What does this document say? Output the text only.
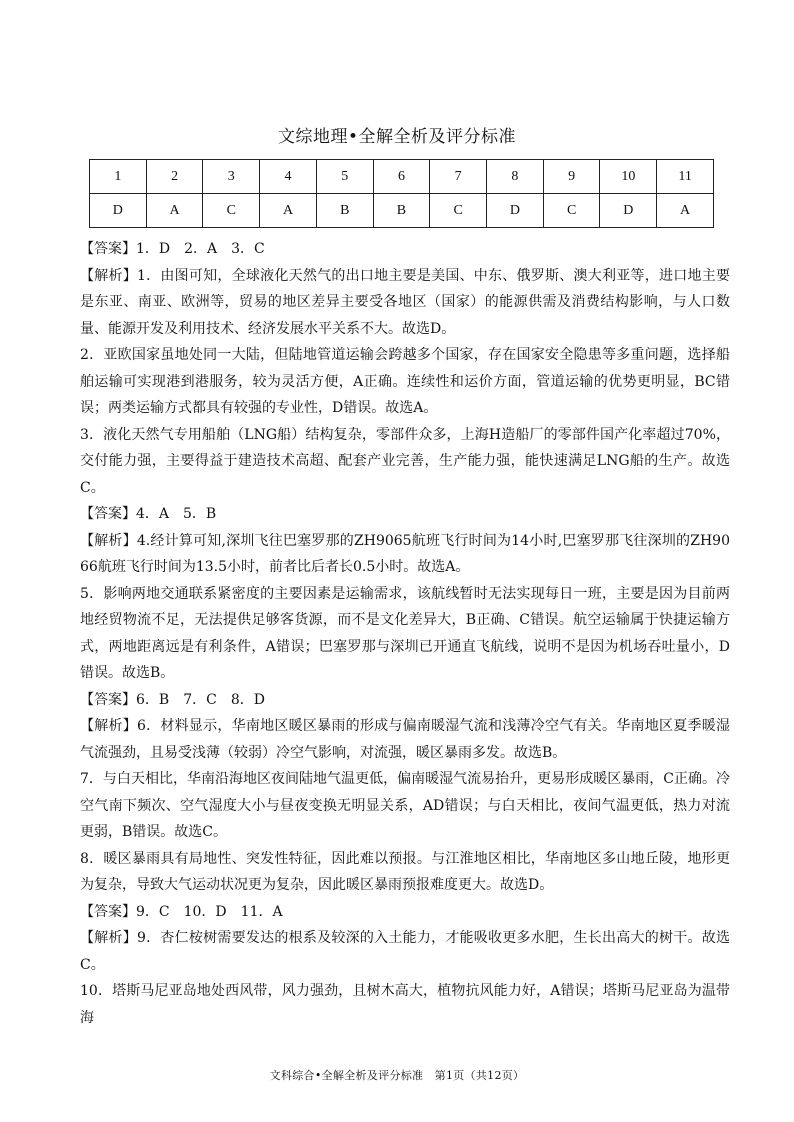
文综地理•全解全析及评分标准
1	2	3	4	5	6	7	8	9	10	11
D	A	C	A	B	B	C	D	C	D	A

【答案】1．D　2．A　3．C

【解析】1．由图可知，全球液化天然气的出口地主要是美国、中东、俄罗斯、澳大利亚等，进口地主要是东亚、南亚、欧洲等，贸易的地区差异主要受各地区（国家）的能源供需及消费结构影响，与人口数量、能源开发及利用技术、经济发展水平关系不大。故选D。

2．亚欧国家虽地处同一大陆，但陆地管道运输会跨越多个国家，存在国家安全隐患等多重问题，选择船舶运输可实现港到港服务，较为灵活方便，A正确。连续性和运价方面，管道运输的优势更明显，BC错误；两类运输方式都具有较强的专业性，D错误。故选A。

3．液化天然气专用船舶（LNG船）结构复杂，零部件众多，上海H造船厂的零部件国产化率超过70%，交付能力强，主要得益于建造技术高超、配套产业完善，生产能力强，能快速满足LNG船的生产。故选C。

【答案】4．A　5．B

【解析】4.经计算可知,深圳飞往巴塞罗那的ZH9065航班飞行时间为14小时,巴塞罗那飞往深圳的ZH9066航班飞行时间为13.5小时，前者比后者长0.5小时。故选A。

5．影响两地交通联系紧密度的主要因素是运输需求，该航线暂时无法实现每日一班，主要是因为目前两地经贸物流不足，无法提供足够客货源，而不是文化差异大，B正确、C错误。航空运输属于快捷运输方式，两地距离远是有利条件，A错误；巴塞罗那与深圳已开通直飞航线，说明不是因为机场吞吐量小，D错误。故选B。

【答案】6．B　7．C　8．D

【解析】6．材料显示，华南地区暖区暴雨的形成与偏南暖湿气流和浅薄冷空气有关。华南地区夏季暖湿气流强劲，且易受浅薄（较弱）冷空气影响，对流强，暖区暴雨多发。故选B。

7．与白天相比，华南沿海地区夜间陆地气温更低，偏南暖湿气流易抬升，更易形成暖区暴雨，C正确。冷空气南下频次、空气湿度大小与昼夜变换无明显关系，AD错误；与白天相比，夜间气温更低，热力对流更弱，B错误。故选C。

8．暖区暴雨具有局地性、突发性特征，因此难以预报。与江淮地区相比，华南地区多山地丘陵，地形更为复杂，导致大气运动状况更为复杂，因此暖区暴雨预报难度更大。故选D。

【答案】9．C　10．D　11．A

【解析】9．杏仁桉树需要发达的根系及较深的入土能力，才能吸收更多水肥，生长出高大的树干。故选C。

10．塔斯马尼亚岛地处西风带，风力强劲，且树木高大，植物抗风能力好，A错误；塔斯马尼亚岛为温带海

文科综合•全解全析及评分标准　第1页（共12页）
